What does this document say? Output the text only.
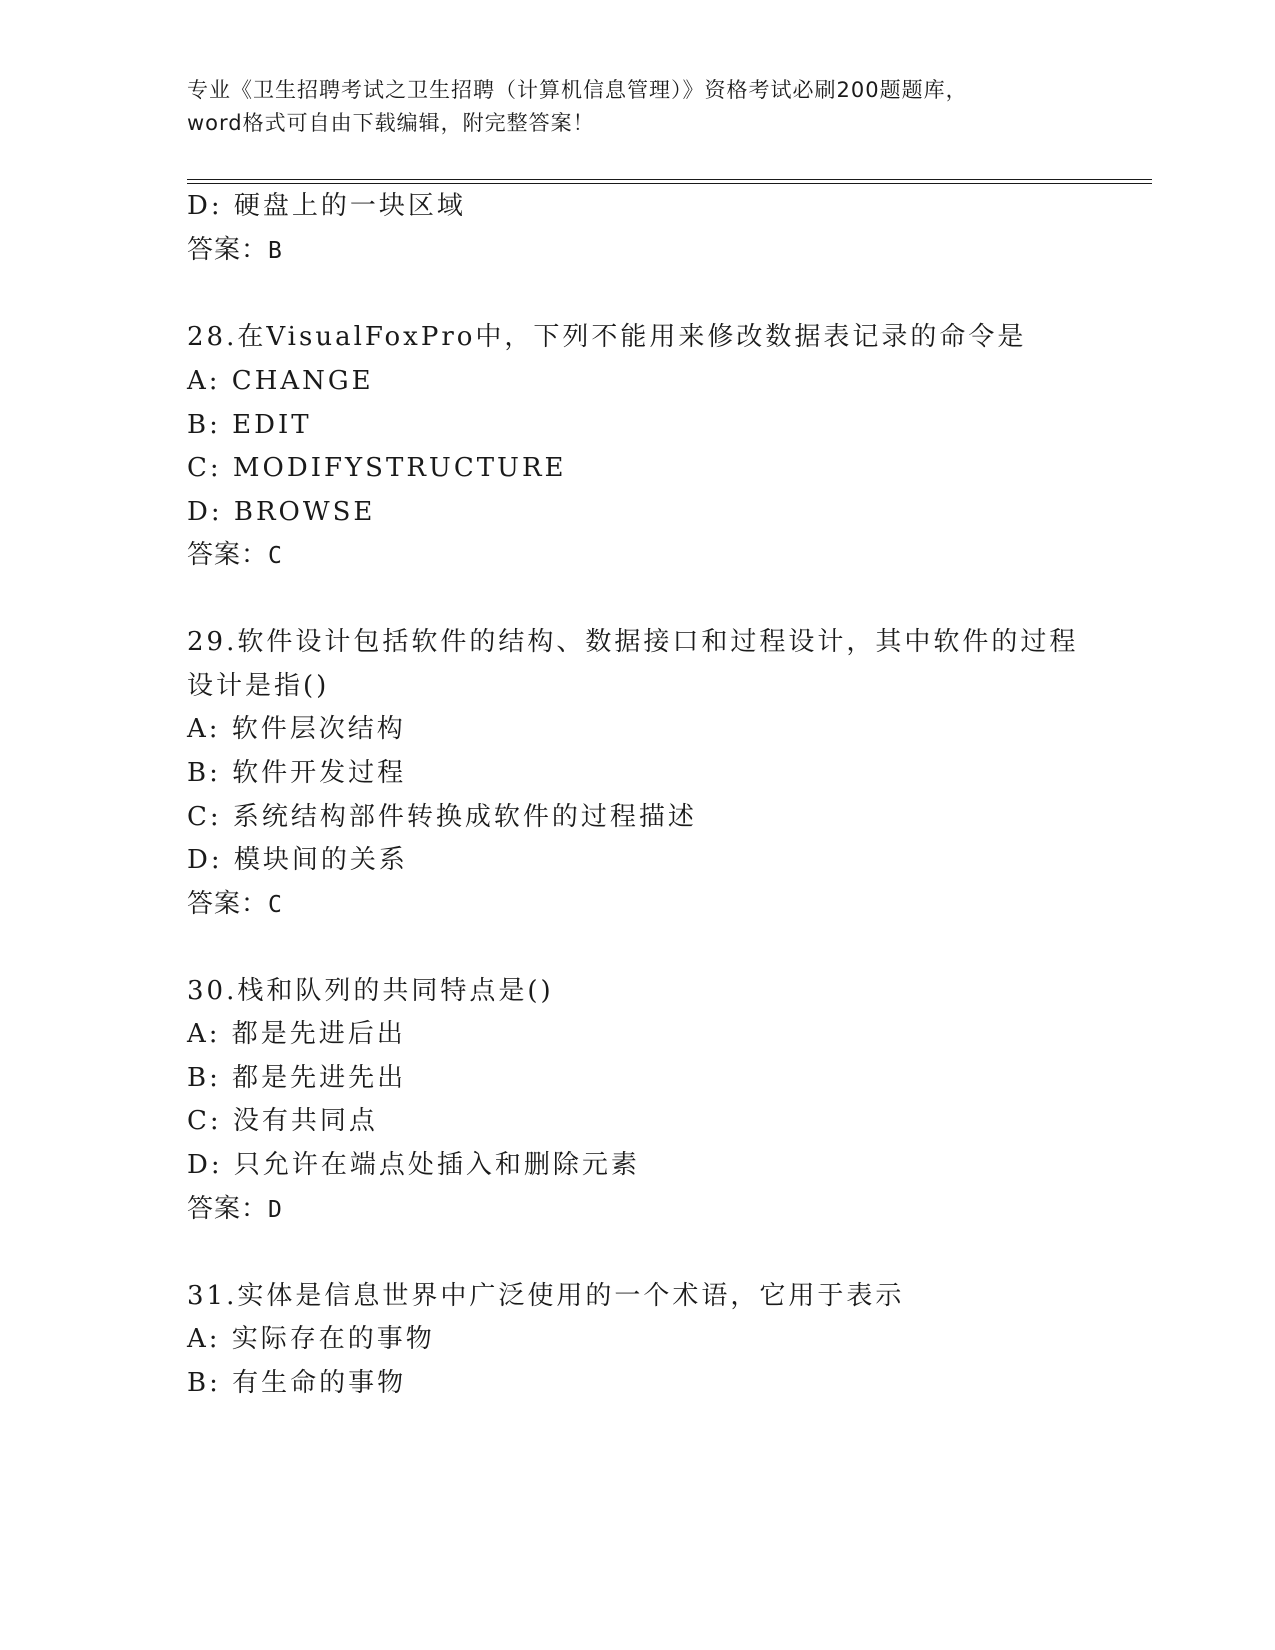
专业《卫生招聘考试之卫生招聘（计算机信息管理）》资格考试必刷200题题库，
word格式可自由下载编辑，附完整答案！
D: 硬盘上的一块区域
答案：B
28.在VisualFoxPro中，下列不能用来修改数据表记录的命令是
A: CHANGE
B: EDIT
C: MODIFYSTRUCTURE
D: BROWSE
答案：C
29.软件设计包括软件的结构、数据接口和过程设计，其中软件的过程
设计是指()
A: 软件层次结构
B: 软件开发过程
C: 系统结构部件转换成软件的过程描述
D: 模块间的关系
答案：C
30.栈和队列的共同特点是()
A: 都是先进后出
B: 都是先进先出
C: 没有共同点
D: 只允许在端点处插入和删除元素
答案：D
31.实体是信息世界中广泛使用的一个术语，它用于表示
A: 实际存在的事物
B: 有生命的事物
